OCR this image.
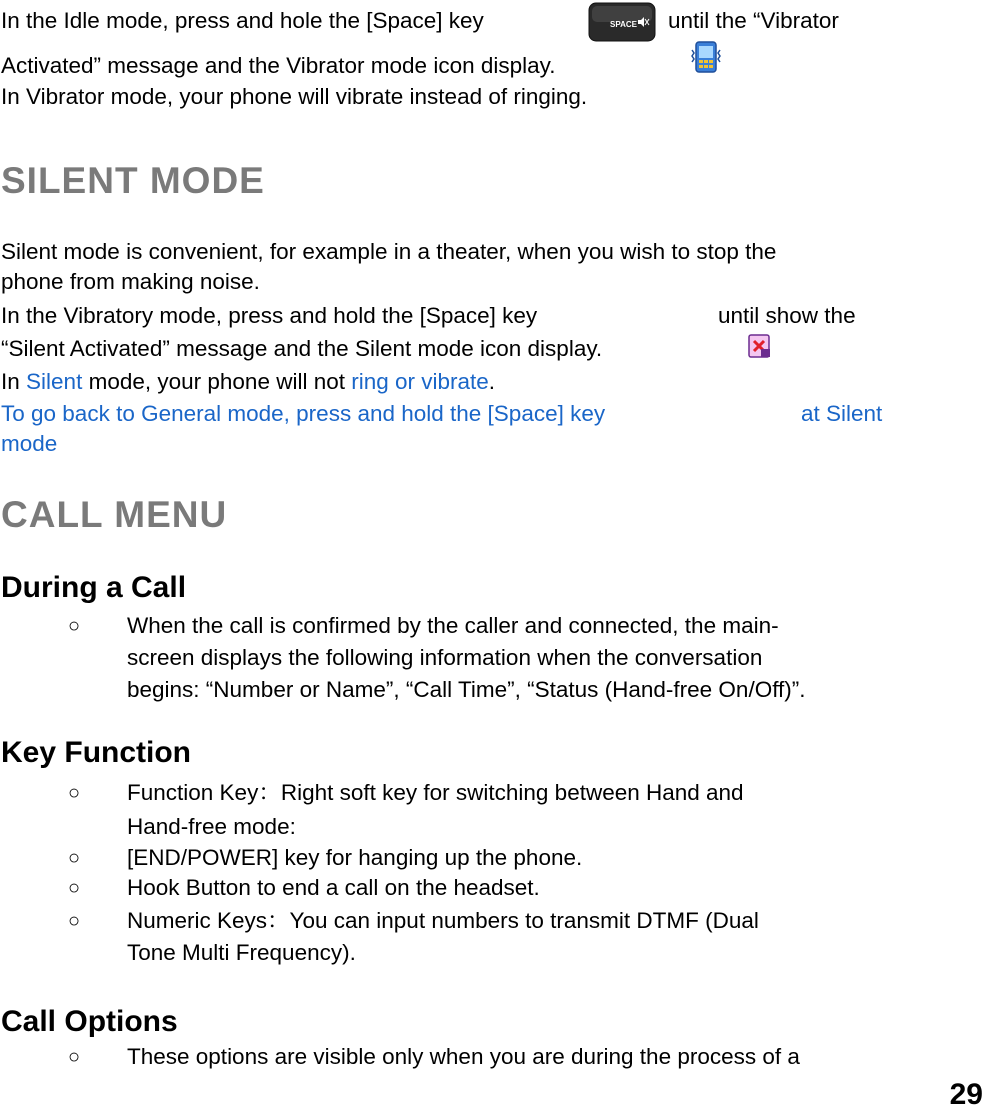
In the Idle mode, press and hole the [Space] key	SPACE until the “Vibrator
Activated” message and the Vibrator mode icon display.
In Vibrator mode, your phone will vibrate instead of ringing.
SILENT MODE
Silent mode is convenient, for example in a theater, when you wish to stop the
phone from making noise.
In the Vibratory mode, press and hold the [Space] key	until show the
“Silent Activated” message and the Silent mode icon display.
In Silent mode, your phone will not ring or vibrate.
To go back to General mode, press and hold the [Space] key	at Silent
mode
CALL MENU
During a Call
○ When the call is confirmed by the caller and connected, the main-
screen displays the following information when the conversation
begins: “Number or Name”, “Call Time”, “Status (Hand-free On/Off)”.
Key Function
○ Function Key：Right soft key for switching between Hand and
Hand-free mode:
○ [END/POWER] key for hanging up the phone.
○ Hook Button to end a call on the headset.
○ Numeric Keys：You can input numbers to transmit DTMF (Dual
Tone Multi Frequency).
Call Options
○ These options are visible only when you are during the process of a
29
